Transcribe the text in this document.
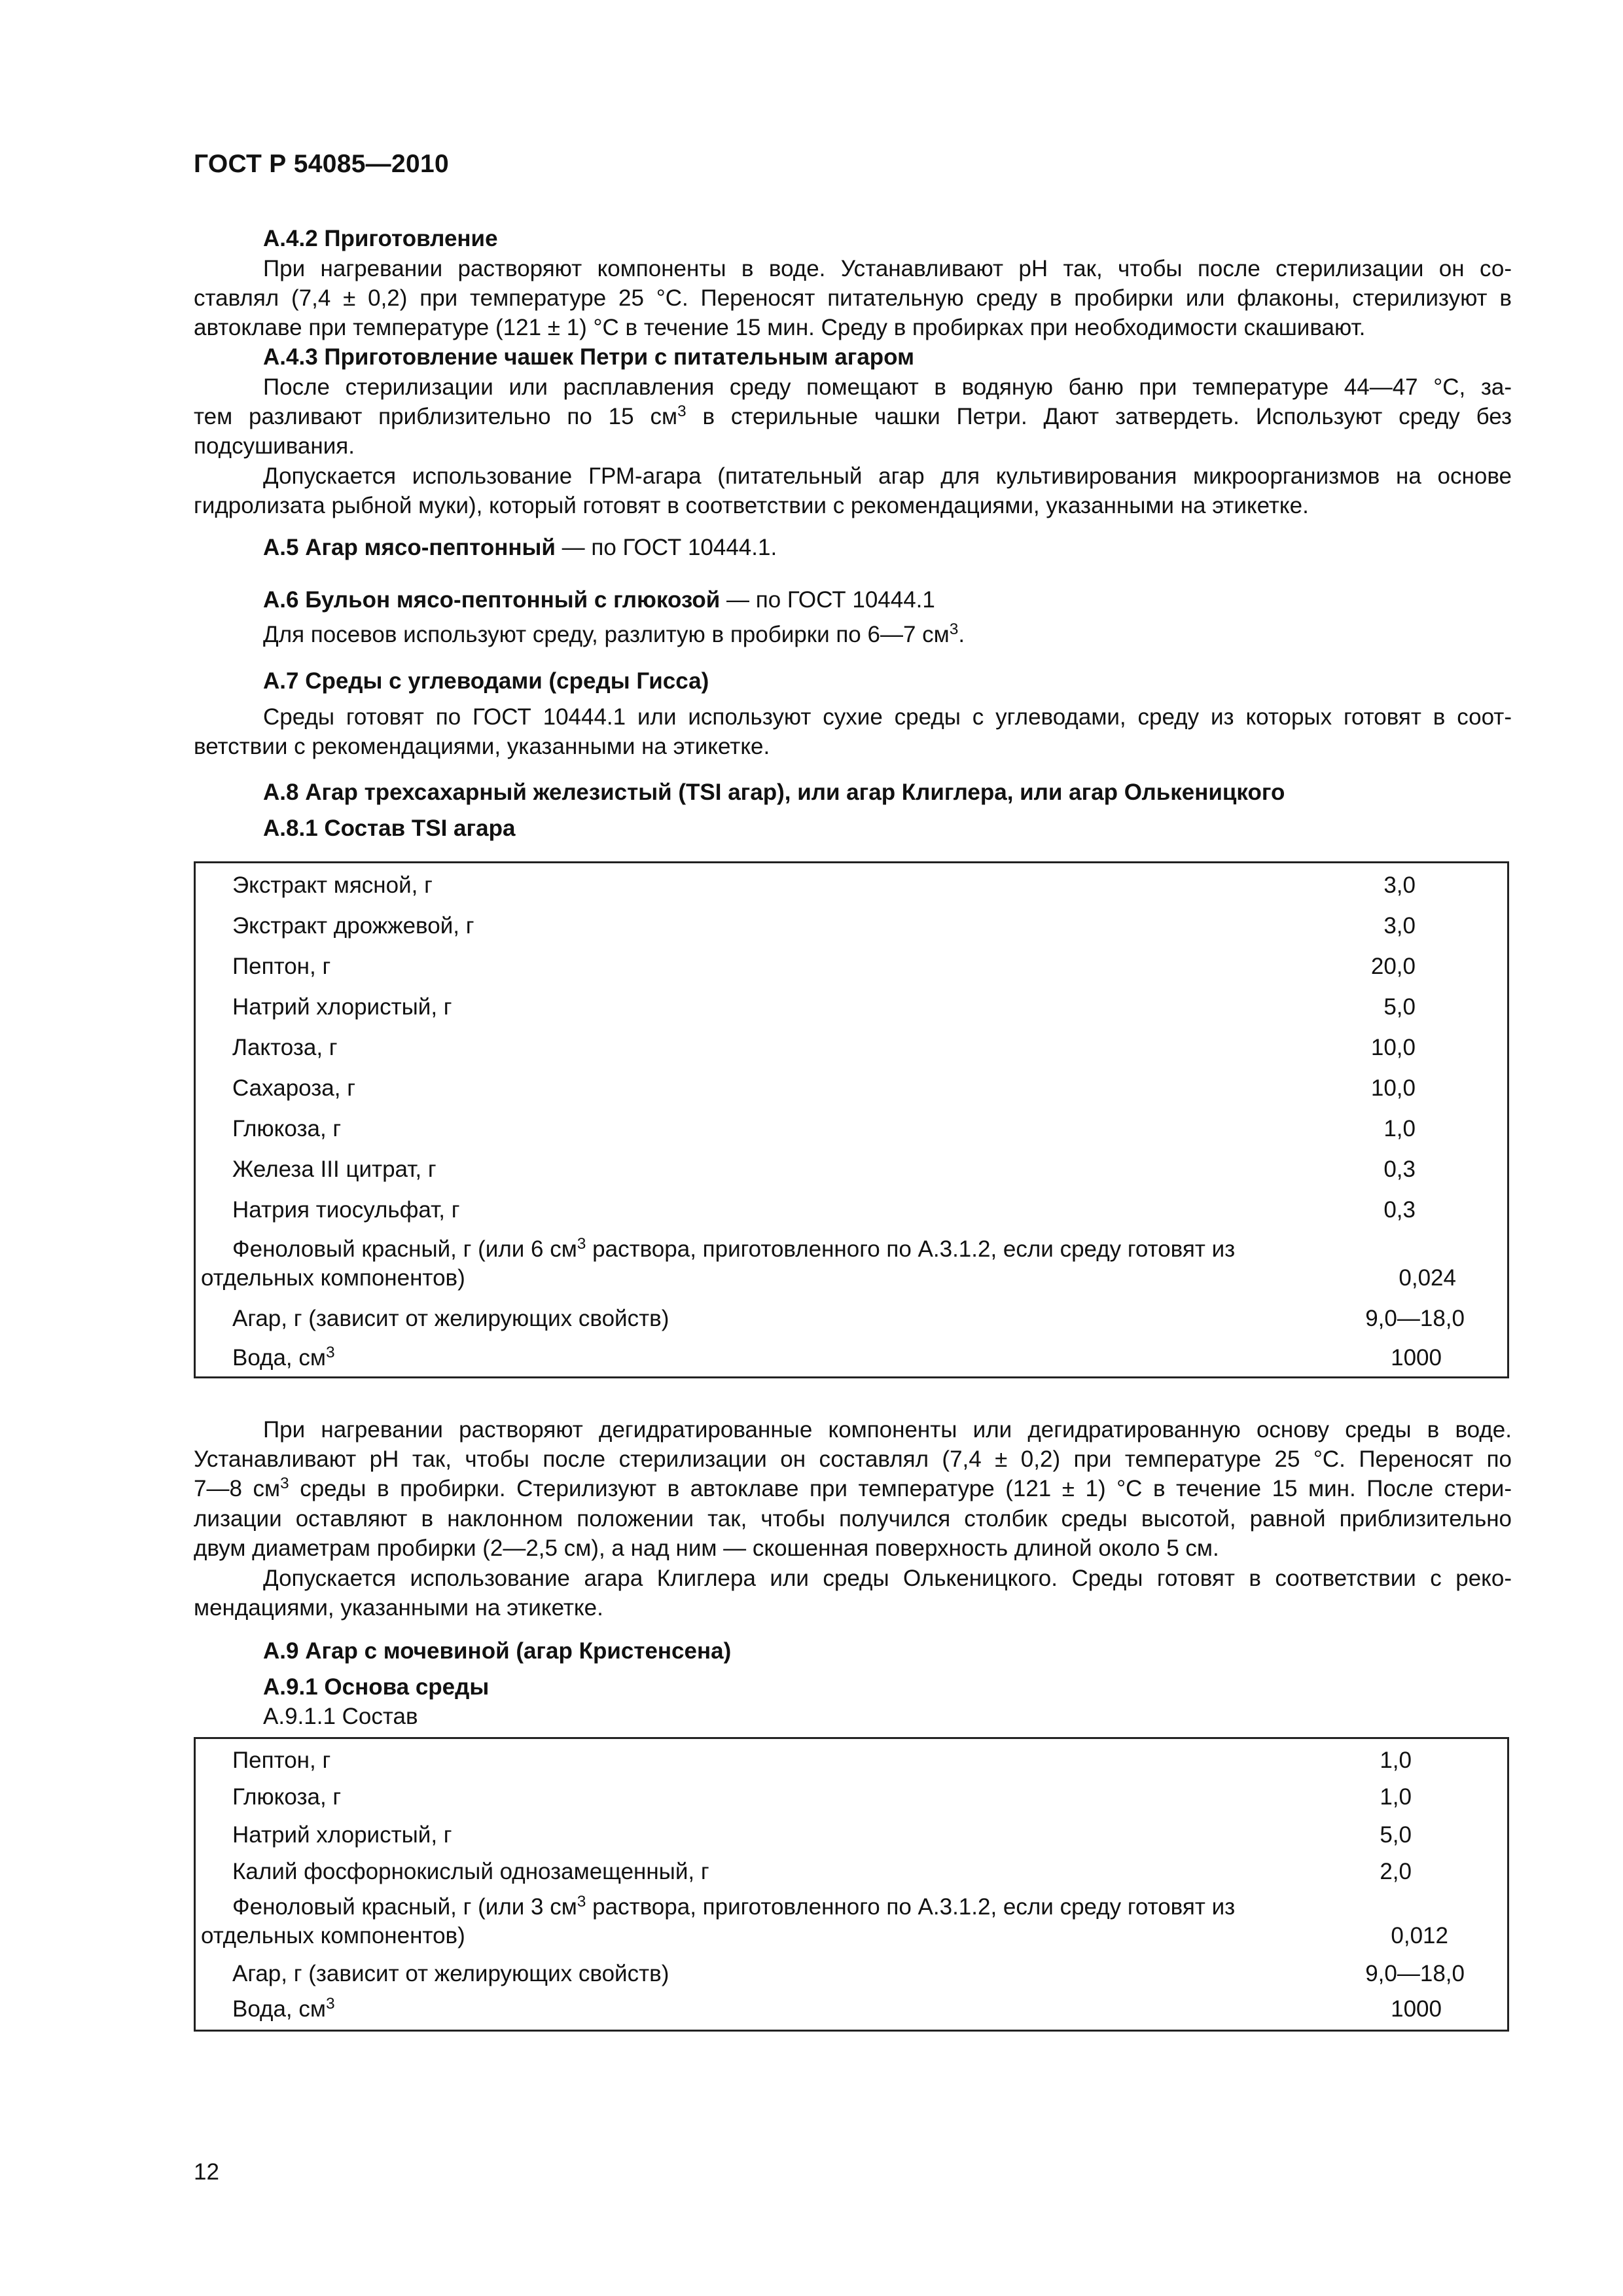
ГОСТ Р 54085—2010
А.4.2 Приготовление
При нагревании растворяют компоненты в воде. Устанавливают рН так, чтобы после стерилизации он со-
ставлял (7,4 ± 0,2) при температуре 25 °С. Переносят питательную среду в пробирки или флаконы, стерилизуют в
автоклаве при температуре (121 ± 1) °С в течение 15 мин. Среду в пробирках при необходимости скашивают.
А.4.3 Приготовление чашек Петри с питательным агаром
После стерилизации или расплавления среду помещают в водяную баню при температуре 44—47 °С, за-
тем разливают приблизительно по 15 $см^3$ в стерильные чашки Петри. Дают затвердеть. Используют среду без
подсушивания.
Допускается использование ГРМ-агара (питательный агар для культивирования микроорганизмов на основе
гидролизата рыбной муки), который готовят в соответствии с рекомендациями, указанными на этикетке.
А.5 Агар мясо-пептонный — по ГОСТ 10444.1.
А.6 Бульон мясо-пептонный с глюкозой — по ГОСТ 10444.1
Для посевов используют среду, разлитую в пробирки по 6—7 $см^3$.
А.7 Среды с углеводами (среды Гисса)
Среды готовят по ГОСТ 10444.1 или используют сухие среды с углеводами, среду из которых готовят в соот-
ветствии с рекомендациями, указанными на этикетке.
А.8 Агар трехсахарный железистый (TSI агар), или агар Клиглера, или агар Олькеницкого
А.8.1 Состав TSI агара
Экстракт мясной, г	3,0
Экстракт дрожжевой, г	3,0
Пептон, г	20,0
Натрий хлористый, г	5,0
Лактоза, г	10,0
Сахароза, г	10,0
Глюкоза, г	1,0
Железа III цитрат, г	0,3
Натрия тиосульфат, г	0,3
Феноловый красный, г (или 6 $см^3$ раствора, приготовленного по А.3.1.2, если среду готовят из
отдельных компонентов)	0,024
Агар, г (зависит от желирующих свойств)	9,0—18,0
Вода, $см^3$	1000
При нагревании растворяют дегидратированные компоненты или дегидратированную основу среды в воде.
Устанавливают рН так, чтобы после стерилизации он составлял (7,4 ± 0,2) при температуре 25 °С. Переносят по
7—8 $см^3$ среды в пробирки. Стерилизуют в автоклаве при температуре (121 ± 1) °С в течение 15 мин. После стери-
лизации оставляют в наклонном положении так, чтобы получился столбик среды высотой, равной приблизительно
двум диаметрам пробирки (2—2,5 см), а над ним — скошенная поверхность длиной около 5 см.
Допускается использование агара Клиглера или среды Олькеницкого. Среды готовят в соответствии с реко-
мендациями, указанными на этикетке.
А.9 Агар с мочевиной (агар Кристенсена)
А.9.1 Основа среды
А.9.1.1 Состав
Пептон, г	1,0
Глюкоза, г	1,0
Натрий хлористый, г	5,0
Калий фосфорнокислый однозамещенный, г	2,0
Феноловый красный, г (или 3 $см^3$ раствора, приготовленного по А.3.1.2, если среду готовят из
отдельных компонентов)	0,012
Агар, г (зависит от желирующих свойств)	9,0—18,0
Вода, $см^3$	1000
12
